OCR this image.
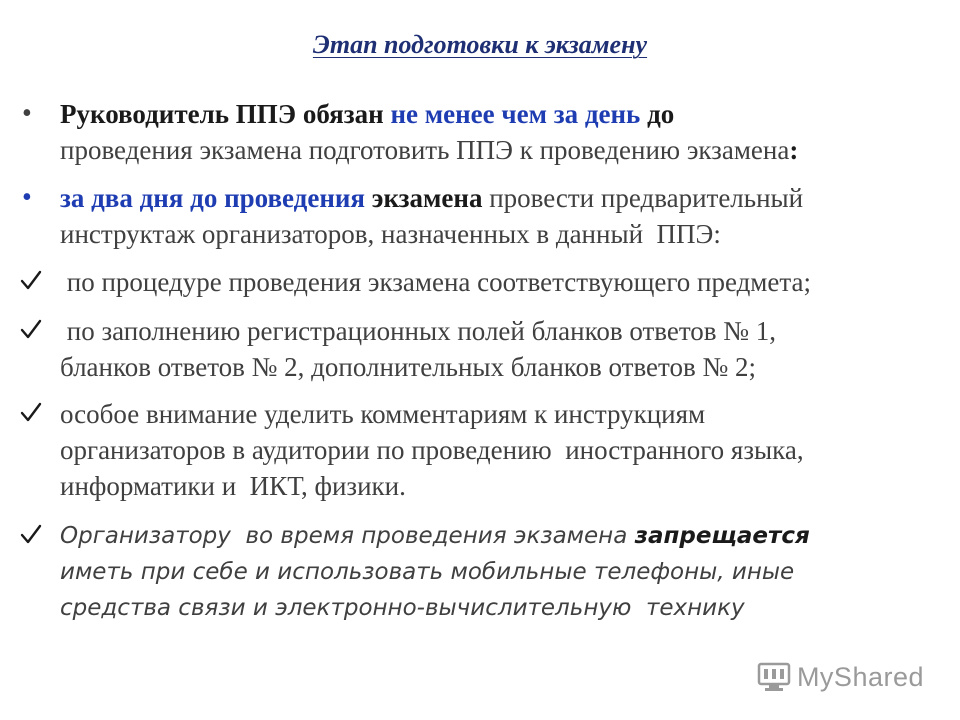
Этап подготовки к экзамену
• Руководитель ППЭ обязан не менее чем за день до
проведения экзамена подготовить ППЭ к проведению экзамена:
• за два дня до проведения экзамена провести предварительный
инструктаж организаторов, назначенных в данный  ППЭ:
по процедуре проведения экзамена соответствующего предмета;
по заполнению регистрационных полей бланков ответов № 1,
бланков ответов № 2, дополнительных бланков ответов № 2;
особое внимание уделить комментариям к инструкциям
организаторов в аудитории по проведению  иностранного языка,
информатики и  ИКТ, физики.
Организатору  во время проведения экзамена запрещается
иметь при себе и использовать мобильные телефоны, иные
средства связи и электронно-вычислительную  технику
MyShared
